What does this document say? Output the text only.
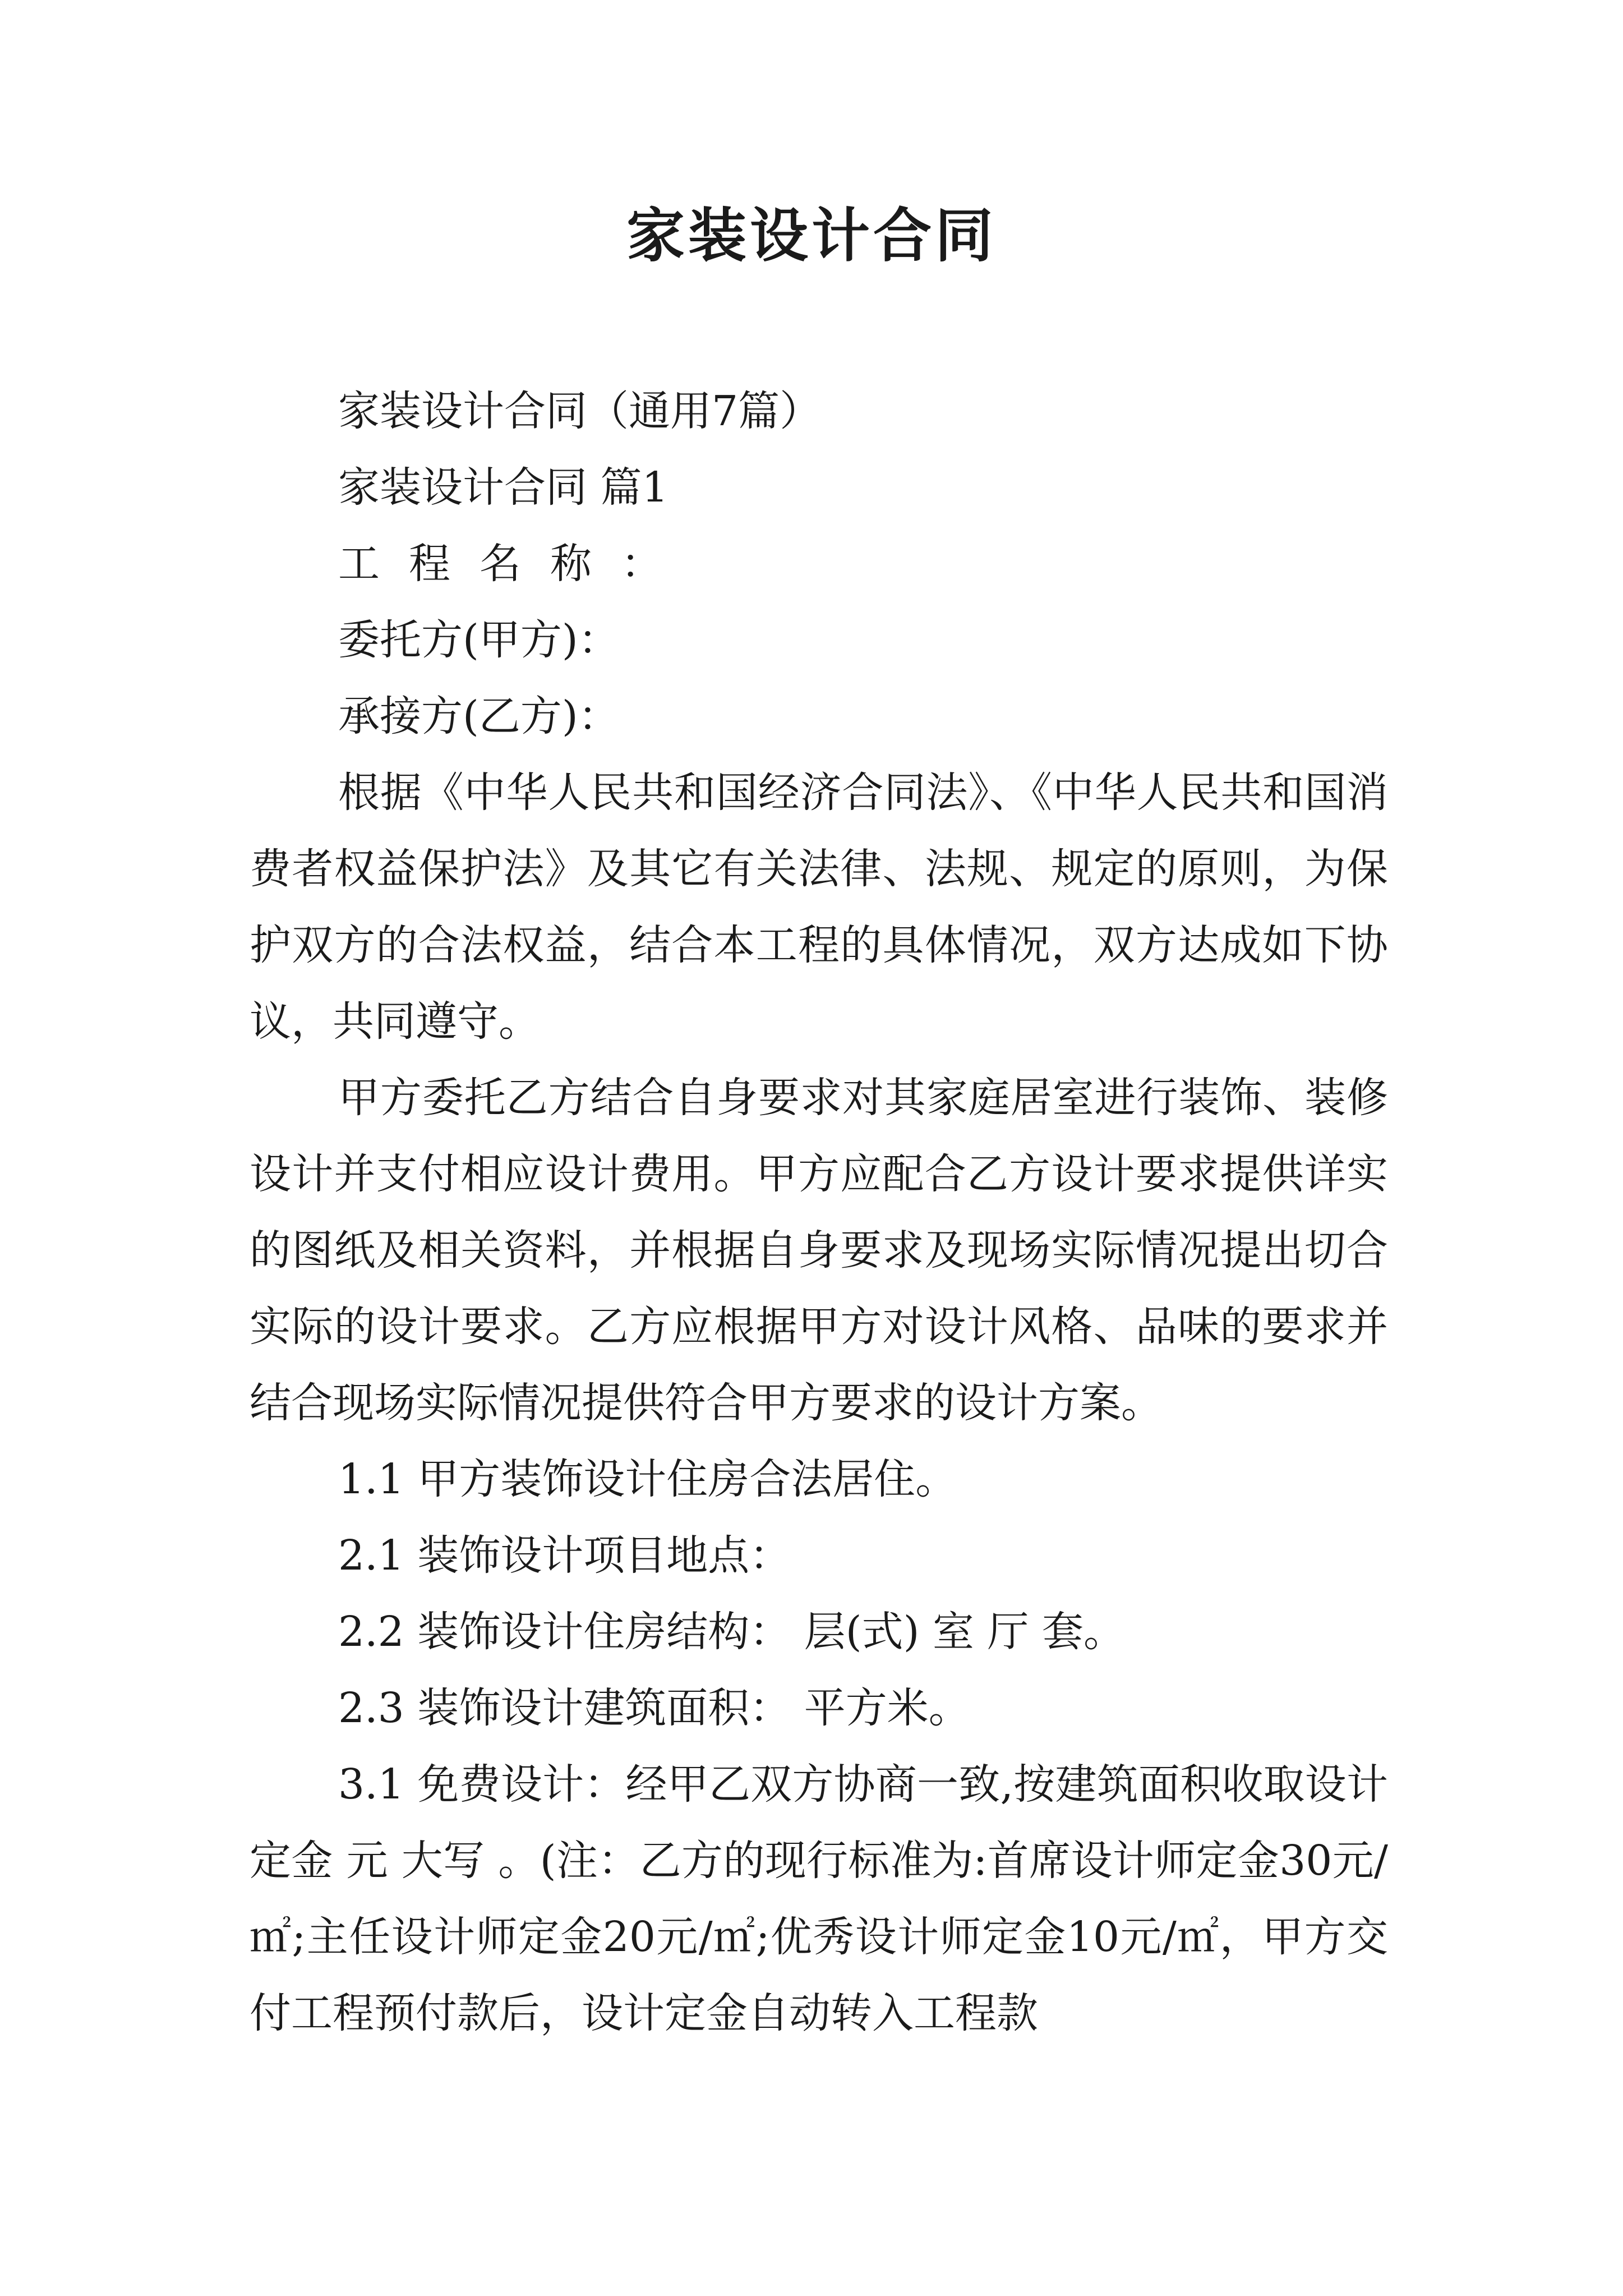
家装设计合同

家装设计合同（通用7篇）

家装设计合同 篇1

工程名称：

委托方(甲方)：

承接方(乙方)：

根据《中华人民共和国经济合同法》、《中华人民共和国消费者权益保护法》及其它有关法律、法规、规定的原则，为保护双方的合法权益，结合本工程的具体情况，双方达成如下协议，共同遵守。

甲方委托乙方结合自身要求对其家庭居室进行装饰、装修设计并支付相应设计费用。甲方应配合乙方设计要求提供详实的图纸及相关资料，并根据自身要求及现场实际情况提出切合实际的设计要求。乙方应根据甲方对设计风格、品味的要求并结合现场实际情况提供符合甲方要求的设计方案。

1.1 甲方装饰设计住房合法居住。

2.1 装饰设计项目地点：

2.2 装饰设计住房结构： 层(式) 室 厅 套。

2.3 装饰设计建筑面积： 平方米。

3.1 免费设计：经甲乙双方协商一致,按建筑面积收取设计定金 元 大写 。(注：乙方的现行标准为:首席设计师定金30元/㎡;主任设计师定金20元/㎡;优秀设计师定金10元/㎡，甲方交付工程预付款后，设计定金自动转入工程款
